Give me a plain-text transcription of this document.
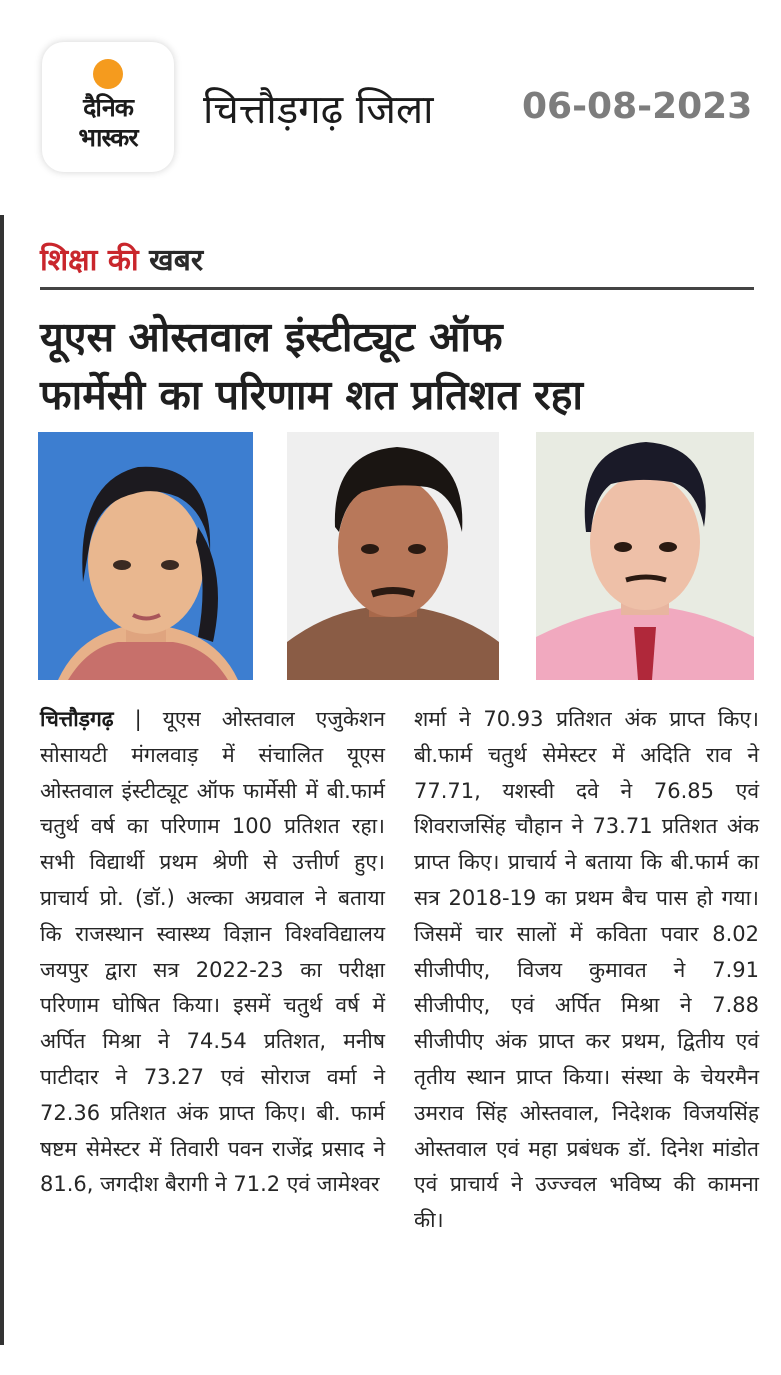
दैनिक
भास्कर
चित्तौड़गढ़ जिला 06-08-2023
शिक्षा की खबर
यूएस ओस्तवाल इंस्टीट्यूट ऑफ
फार्मेसी का परिणाम शत प्रतिशत रहा
चित्तौड़गढ़ | यूएस ओस्तवाल एजुकेशन सोसायटी मंगलवाड़ में संचालित यूएस ओस्तवाल इंस्टीट्यूट ऑफ फार्मेसी में बी.फार्म चतुर्थ वर्ष का परिणाम 100 प्रतिशत रहा। सभी विद्यार्थी प्रथम श्रेणी से उत्तीर्ण हुए। प्राचार्य प्रो. (डॉ.) अल्का अग्रवाल ने बताया कि राजस्थान स्वास्थ्य विज्ञान विश्वविद्यालय जयपुर द्वारा सत्र 2022-23 का परीक्षा परिणाम घोषित किया। इसमें चतुर्थ वर्ष में अर्पित मिश्रा ने 74.54 प्रतिशत, मनीष पाटीदार ने 73.27 एवं सोराज वर्मा ने 72.36 प्रतिशत अंक प्राप्त किए। बी. फार्म षष्टम सेमेस्टर में तिवारी पवन राजेंद्र प्रसाद ने 81.6, जगदीश बैरागी ने 71.2 एवं जामेश्वर
शर्मा ने 70.93 प्रतिशत अंक प्राप्त किए। बी.फार्म चतुर्थ सेमेस्टर में अदिति राव ने 77.71, यशस्वी दवे ने 76.85 एवं शिवराजसिंह चौहान ने 73.71 प्रतिशत अंक प्राप्त किए। प्राचार्य ने बताया कि बी.फार्म का सत्र 2018-19 का प्रथम बैच पास हो गया। जिसमें चार सालों में कविता पवार 8.02 सीजीपीए, विजय कुमावत ने 7.91 सीजीपीए, एवं अर्पित मिश्रा ने 7.88 सीजीपीए अंक प्राप्त कर प्रथम, द्वितीय एवं तृतीय स्थान प्राप्त किया। संस्था के चेयरमैन उमराव सिंह ओस्तवाल, निदेशक विजयसिंह ओस्तवाल एवं महा प्रबंधक डॉ. दिनेश मांडोत एवं प्राचार्य ने उज्ज्वल भविष्य की कामना की।
